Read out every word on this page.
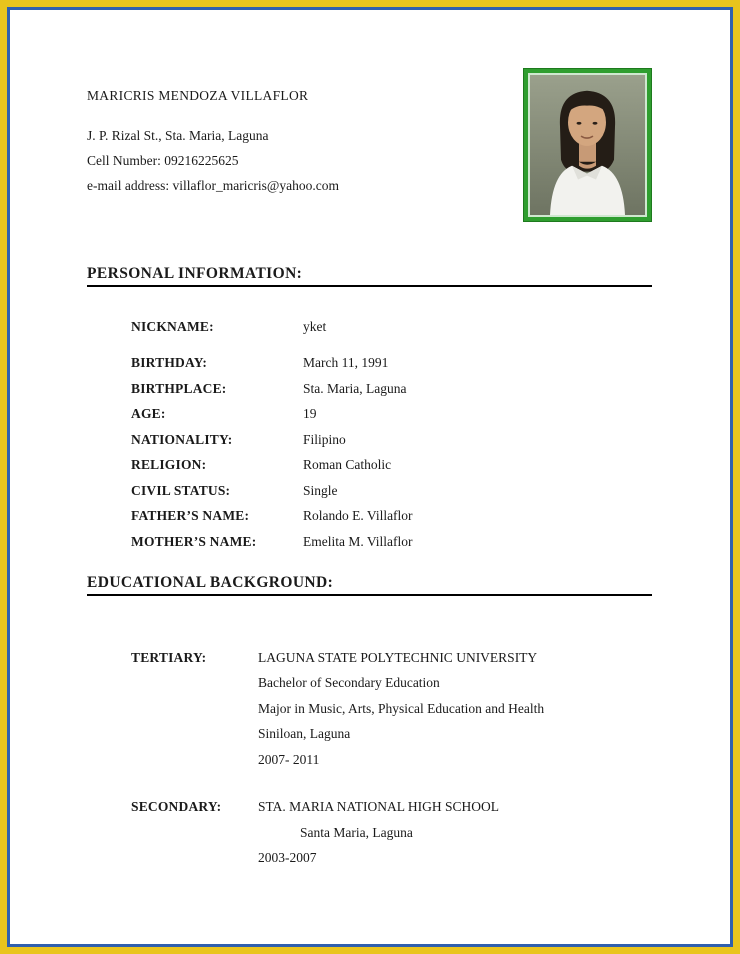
MARICRIS MENDOZA VILLAFLOR
J. P. Rizal St., Sta. Maria, Laguna
Cell Number: 09216225625
e-mail address: villaflor_maricris@yahoo.com
PERSONAL INFORMATION:
NICKNAME:	yket
BIRTHDAY:	March 11, 1991
BIRTHPLACE:	Sta. Maria, Laguna
AGE:	19
NATIONALITY:	Filipino
RELIGION:	Roman Catholic
CIVIL STATUS:	Single
FATHER’S NAME:	Rolando E. Villaflor
MOTHER’S NAME:	Emelita M. Villaflor
EDUCATIONAL BACKGROUND:
TERTIARY:	LAGUNA STATE POLYTECHNIC UNIVERSITY
Bachelor of Secondary Education
Major in Music, Arts, Physical Education and Health
Siniloan, Laguna
2007- 2011
SECONDARY:	STA. MARIA NATIONAL HIGH SCHOOL
Santa Maria, Laguna
2003-2007
